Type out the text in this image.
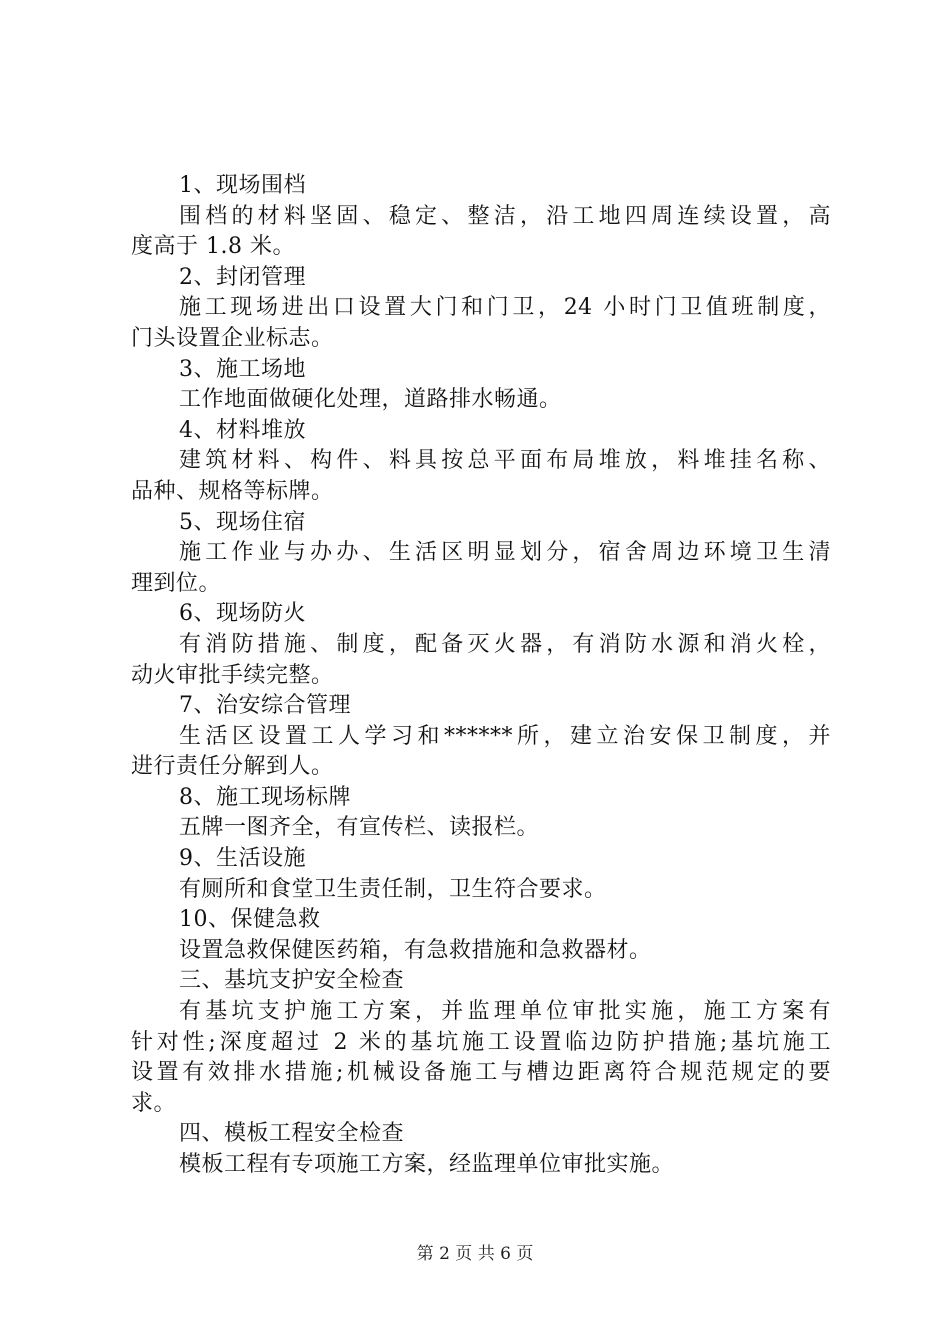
1、现场围档
围档的材料坚固、稳定、整洁，沿工地四周连续设置，高
度高于 1.8 米。
2、封闭管理
施工现场进出口设置大门和门卫，24 小时门卫值班制度，
门头设置企业标志。
3、施工场地
工作地面做硬化处理，道路排水畅通。
4、材料堆放
建筑材料、构件、料具按总平面布局堆放，料堆挂名称、
品种、规格等标牌。
5、现场住宿
施工作业与办办、生活区明显划分，宿舍周边环境卫生清
理到位。
6、现场防火
有消防措施、制度，配备灭火器，有消防水源和消火栓，
动火审批手续完整。
7、治安综合管理
生活区设置工人学习和******所，建立治安保卫制度，并
进行责任分解到人。
8、施工现场标牌
五牌一图齐全，有宣传栏、读报栏。
9、生活设施
有厕所和食堂卫生责任制，卫生符合要求。
10、保健急救
设置急救保健医药箱，有急救措施和急救器材。
三、基坑支护安全检查
有基坑支护施工方案，并监理单位审批实施，施工方案有
针对性;深度超过 2 米的基坑施工设置临边防护措施;基坑施工
设置有效排水措施;机械设备施工与槽边距离符合规范规定的要
求。
四、模板工程安全检查
模板工程有专项施工方案，经监理单位审批实施。
第 2 页 共 6 页
